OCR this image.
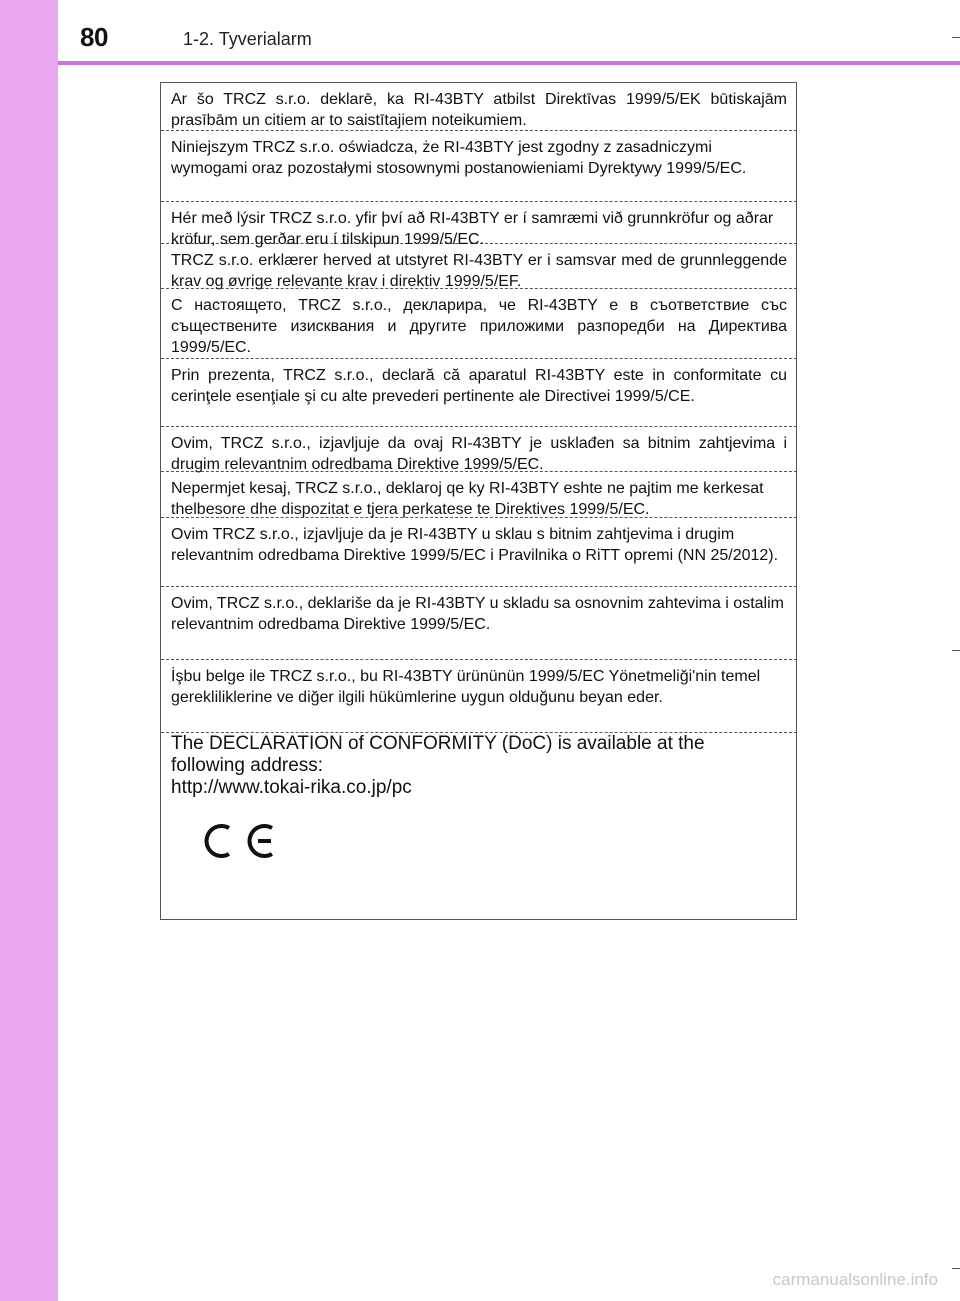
80	1-2. Tyverialarm
Ar šo TRCZ s.r.o. deklarē, ka RI-43BTY atbilst Direktīvas 1999/5/EK būtiskajām prasībām un citiem ar to saistītajiem noteikumiem.
Niniejszym TRCZ s.r.o. oświadcza, że RI-43BTY jest zgodny z zasadniczymi wymogami oraz pozostałymi stosownymi postanowieniami Dyrektywy 1999/5/EC.
Hér með lýsir TRCZ s.r.o. yfir því að RI-43BTY er í samræmi við grunnkröfur og aðrar kröfur, sem gerðar eru í tilskipun 1999/5/EC.
TRCZ s.r.o. erklærer herved at utstyret RI-43BTY er i samsvar med de grunnleggende krav og øvrige relevante krav i direktiv 1999/5/EF.
С настоящето, TRCZ s.r.o., декларира, че RI-43BTY е в съответствие със съществените изисквания и другите приложими разпоредби на Директива 1999/5/EC.
Prin prezenta, TRCZ s.r.o., declară că aparatul RI-43BTY este in conformitate cu cerinţele esenţiale şi cu alte prevederi pertinente ale Directivei 1999/5/CE.
Ovim, TRCZ s.r.o., izjavljuje da ovaj RI-43BTY je usklađen sa bitnim zahtjevima i drugim relevantnim odredbama Direktive 1999/5/EC.
Nepermjet kesaj, TRCZ s.r.o., deklaroj qe ky RI-43BTY eshte ne pajtim me kerkesat thelbesore dhe dispozitat e tjera perkatese te Direktives 1999/5/EC.
Ovim TRCZ s.r.o., izjavljuje da je RI-43BTY u sklau s bitnim zahtjevima i drugim relevantnim odredbama Direktive 1999/5/EC i Pravilnika o RiTT opremi (NN 25/2012).
Ovim, TRCZ s.r.o., deklariše da je RI-43BTY u skladu sa osnovnim zahtevima i ostalim relevantnim odredbama Direktive 1999/5/EC.
İşbu belge ile TRCZ s.r.o., bu RI-43BTY ürününün 1999/5/EC Yönetmeliği'nin temel gerekliliklerine ve diğer ilgili hükümlerine uygun olduğunu beyan eder.
The DECLARATION of CONFORMITY (DoC) is available at the
following address:
http://www.tokai-rika.co.jp/pc
carmanualsonline.info
